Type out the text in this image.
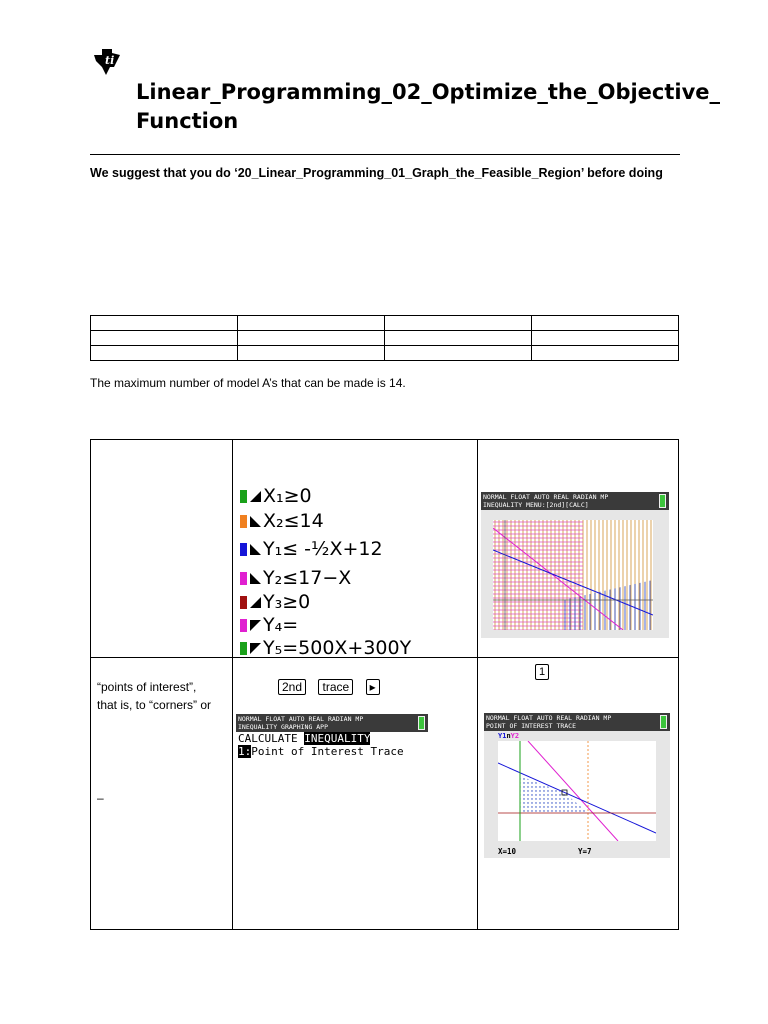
ti
Linear_Programming_02_Optimize_the_Objective_
Function
We suggest that you do ‘20_Linear_Programming_01_Graph_the_Feasible_Region’ before doing

The maximum number of model A’s that can be made is 14.
X₁≥0
X₂≤14
Y₁≤ -½X+12
Y₂≤17−X
Y₃≥0
Y₄=
Y₅=500X+300Y
NORMAL FLOAT AUTO REAL RADIAN MP
INEQUALITY MENU:[2nd][CALC]
“points of interest”,
that is, to “corners” or
–
2nd trace ▸
NORMAL FLOAT AUTO REAL RADIAN MP
INEQUALITY GRAPHING APP
CALCULATE INEQUALITY
1:Point of Interest Trace
1
NORMAL FLOAT AUTO REAL RADIAN MP
POINT OF INTEREST TRACE
Y1nY2
X=10	Y=7
